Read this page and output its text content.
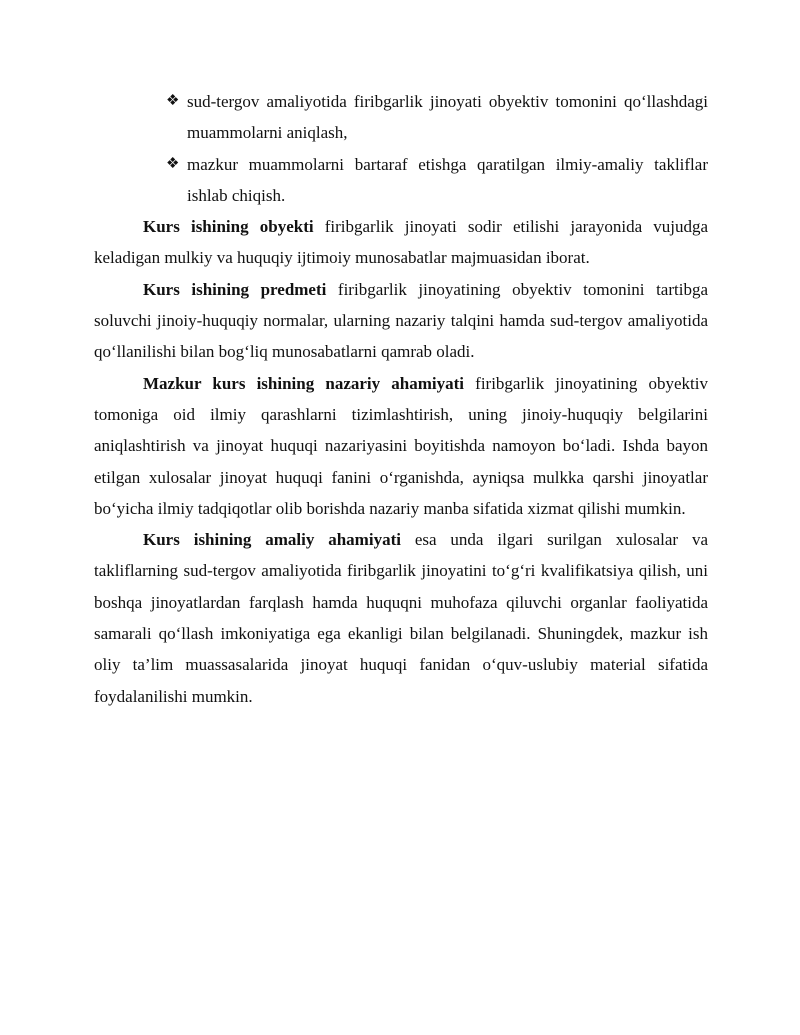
❖ sud-tergov amaliyotida firibgarlik jinoyati obyektiv tomonini qo‘llashdagi muammolarni aniqlash,
❖ mazkur muammolarni bartaraf etishga qaratilgan ilmiy-amaliy takliflar ishlab chiqish.

Kurs ishining obyekti firibgarlik jinoyati sodir etilishi jarayonida vujudga keladigan mulkiy va huquqiy ijtimoiy munosabatlar majmuasidan iborat.

Kurs ishining predmeti firibgarlik jinoyatining obyektiv tomonini tartibga soluvchi jinoiy-huquqiy normalar, ularning nazariy talqini hamda sud-tergov amaliyotida qo‘llanilishi bilan bog‘liq munosabatlarni qamrab oladi.

Mazkur kurs ishining nazariy ahamiyati firibgarlik jinoyatining obyektiv tomoniga oid ilmiy qarashlarni tizimlashtirish, uning jinoiy-huquqiy belgilarini aniqlashtirish va jinoyat huquqi nazariyasini boyitishda namoyon bo‘ladi. Ishda bayon etilgan xulosalar jinoyat huquqi fanini o‘rganishda, ayniqsa mulkka qarshi jinoyatlar bo‘yicha ilmiy tadqiqotlar olib borishda nazariy manba sifatida xizmat qilishi mumkin.

Kurs ishining amaliy ahamiyati esa unda ilgari surilgan xulosalar va takliflarning sud-tergov amaliyotida firibgarlik jinoyatini to‘g‘ri kvalifikatsiya qilish, uni boshqa jinoyatlardan farqlash hamda huquqni muhofaza qiluvchi organlar faoliyatida samarali qo‘llash imkoniyatiga ega ekanligi bilan belgilanadi. Shuningdek, mazkur ish oliy ta’lim muassasalarida jinoyat huquqi fanidan o‘quv-uslubiy material sifatida foydalanilishi mumkin.
